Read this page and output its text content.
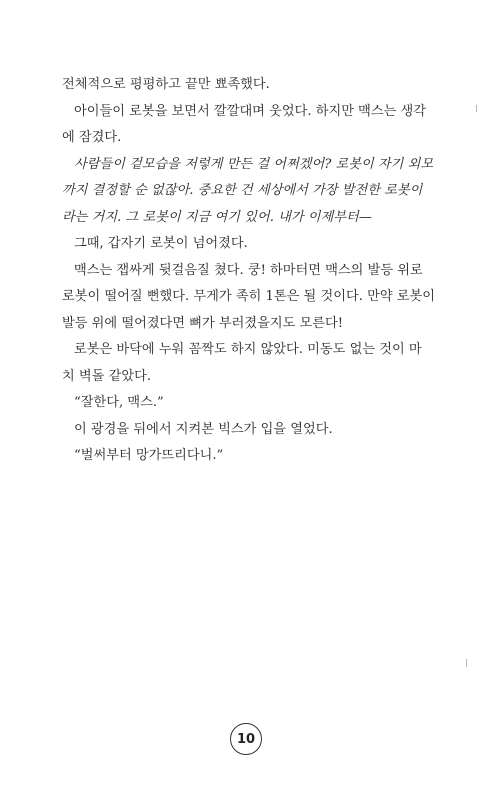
전체적으로 평평하고 끝만 뾰족했다.
아이들이 로봇을 보면서 깔깔대며 웃었다. 하지만 맥스는 생각
에 잠겼다.
사람들이 겉모습을 저렇게 만든 걸 어쩌겠어? 로봇이 자기 외모
까지 결정할 순 없잖아. 중요한 건 세상에서 가장 발전한 로봇이
라는 거지. 그 로봇이 지금 여기 있어. 내가 이제부터—
그때, 갑자기 로봇이 넘어졌다.
맥스는 잽싸게 뒷걸음질 쳤다. 쿵! 하마터면 맥스의 발등 위로
로봇이 떨어질 뻔했다. 무게가 족히 1톤은 될 것이다. 만약 로봇이
발등 위에 떨어졌다면 뼈가 부러졌을지도 모른다!
로봇은 바닥에 누워 꼼짝도 하지 않았다. 미동도 없는 것이 마
치 벽돌 같았다.
“잘한다, 맥스.”
이 광경을 뒤에서 지켜본 빅스가 입을 열었다.
“벌써부터 망가뜨리다니.”
10
